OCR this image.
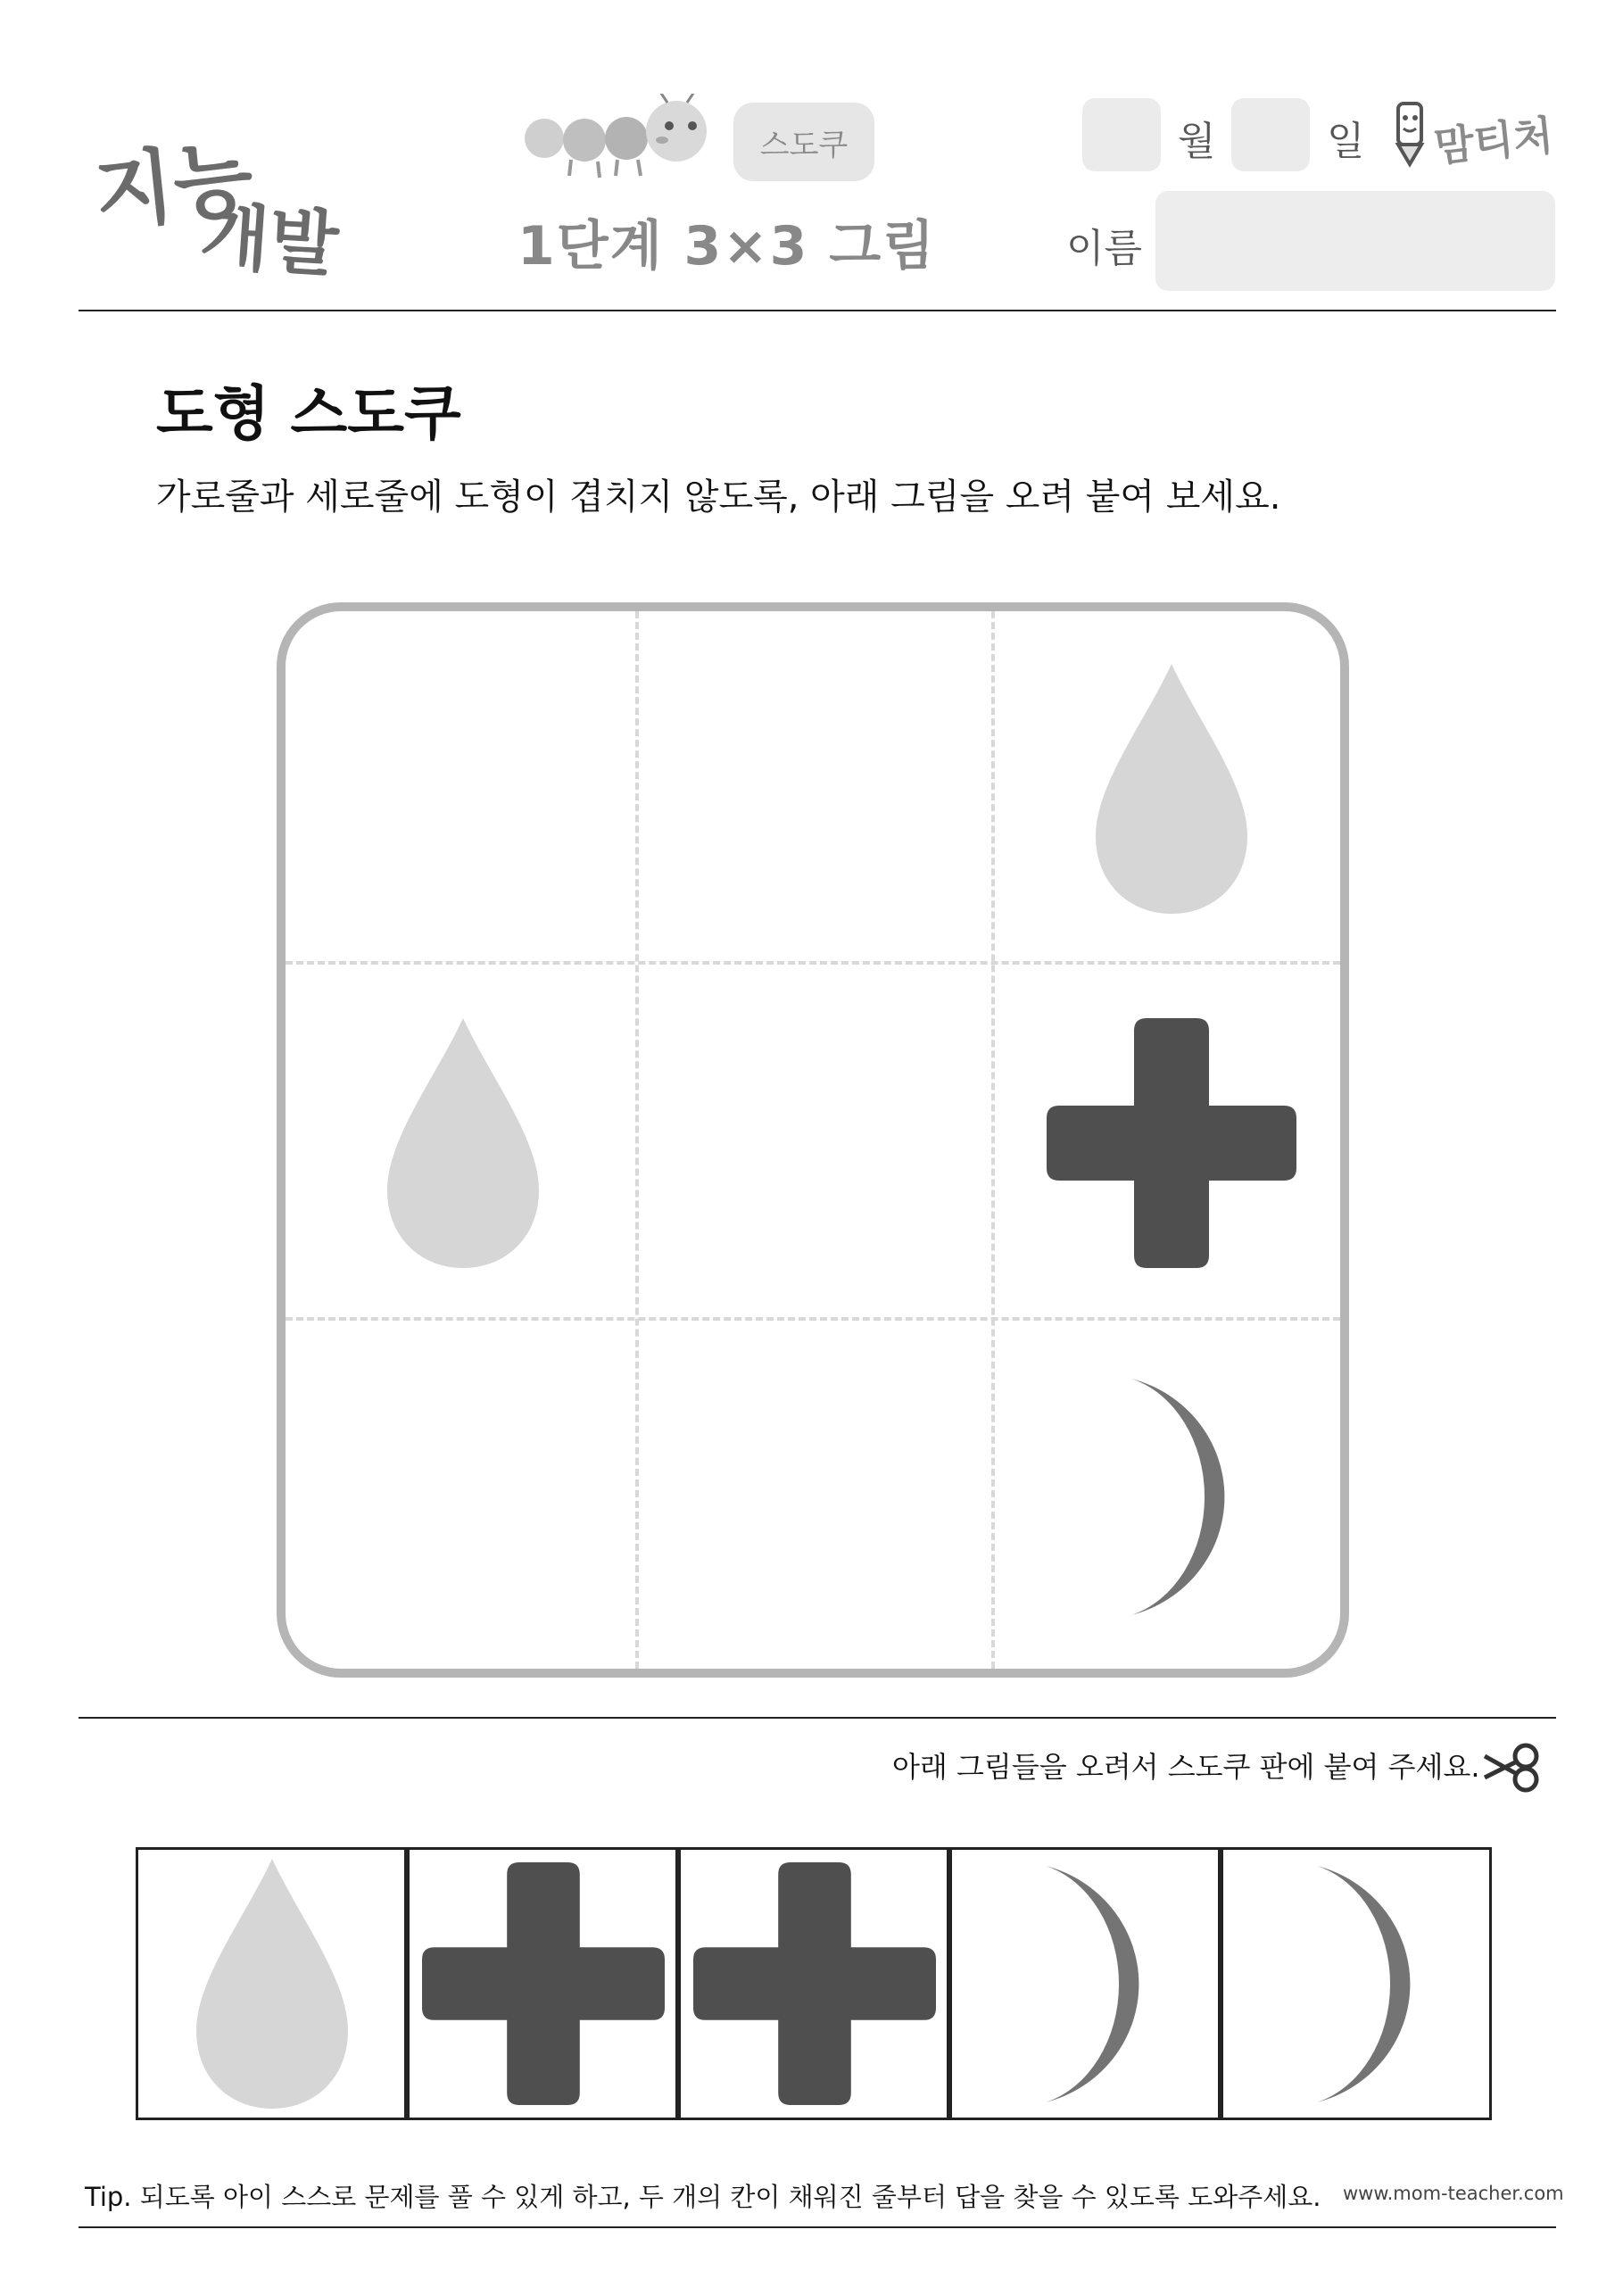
지능
개발
스도쿠
1단계 3×3 그림
월	일 맘티처
이름
도형 스도쿠
가로줄과 세로줄에 도형이 겹치지 않도록, 아래 그림을 오려 붙여 보세요.
아래 그림들을 오려서 스도쿠 판에 붙여 주세요.
Tip. 되도록 아이 스스로 문제를 풀 수 있게 하고, 두 개의 칸이 채워진 줄부터 답을 찾을 수 있도록 도와주세요. www.mom-teacher.com
